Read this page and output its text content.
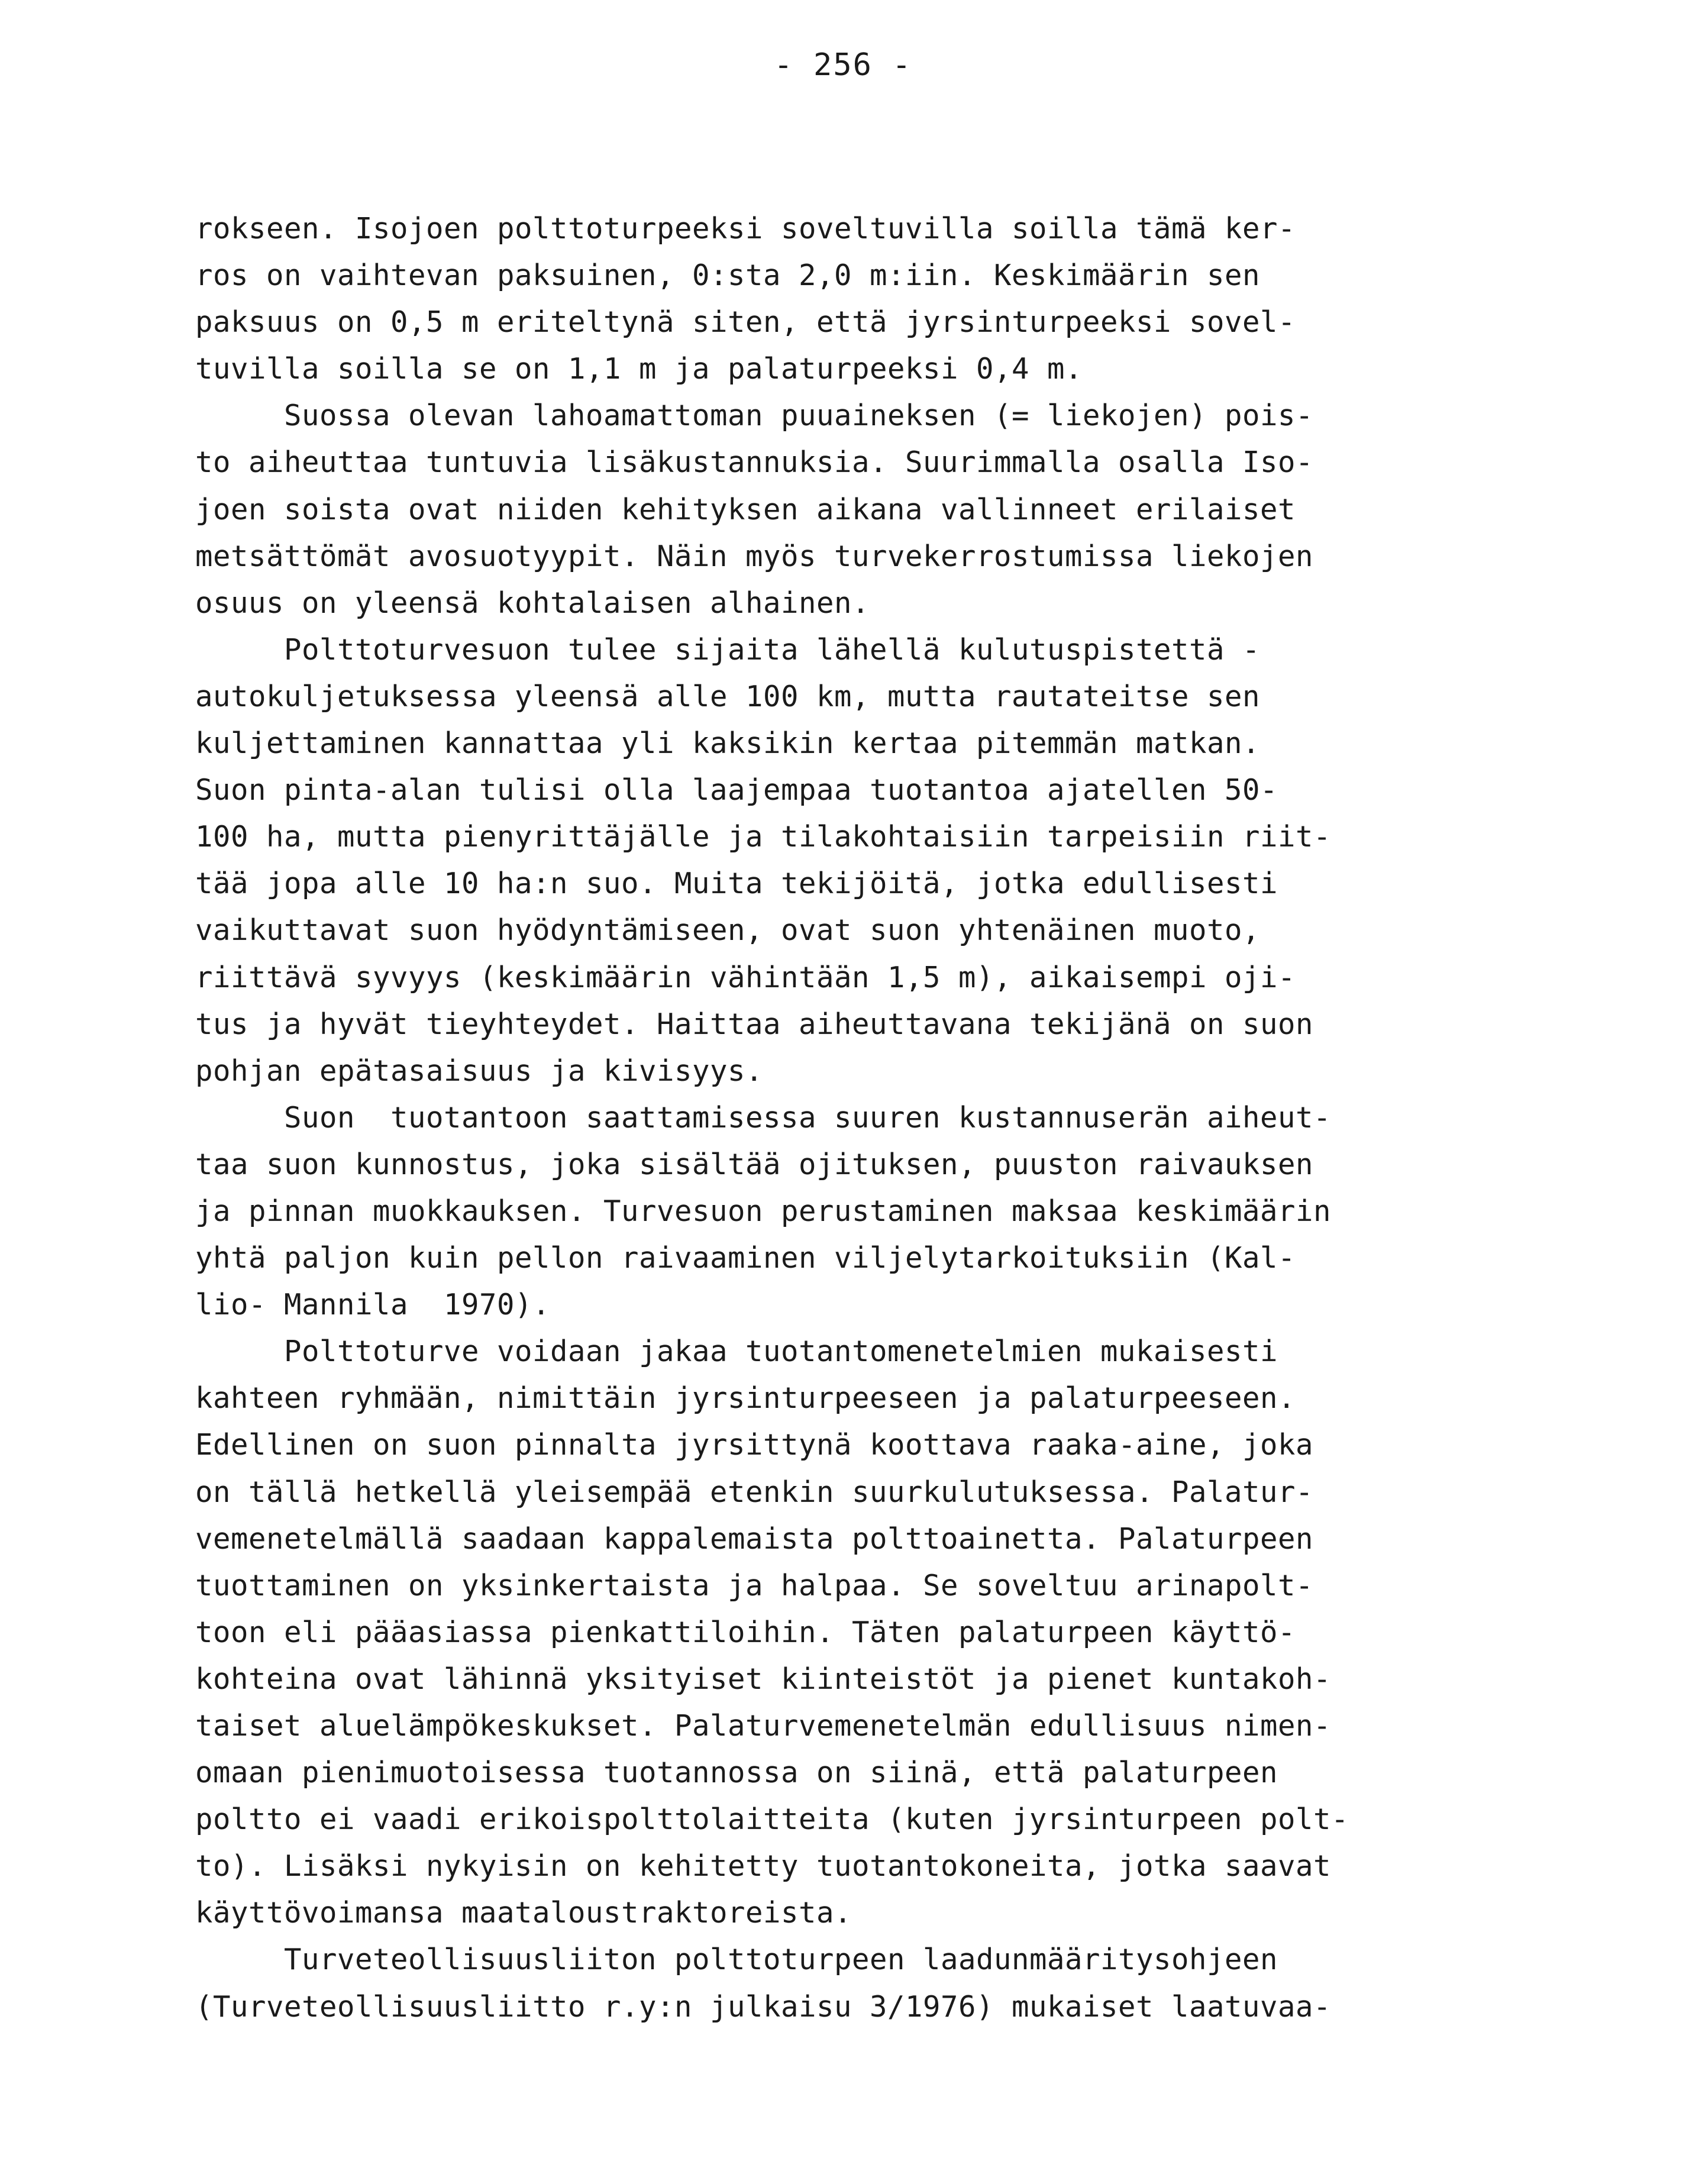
- 256 -
rokseen. Isojoen polttoturpeeksi soveltuvilla soilla tämä ker-
ros on vaihtevan paksuinen, 0:sta 2,0 m:iin. Keskimäärin sen
paksuus on 0,5 m eriteltynä siten, että jyrsinturpeeksi sovel-
tuvilla soilla se on 1,1 m ja palaturpeeksi 0,4 m.
Suossa olevan lahoamattoman puuaineksen (= liekojen) pois-
to aiheuttaa tuntuvia lisäkustannuksia. Suurimmalla osalla Iso-
joen soista ovat niiden kehityksen aikana vallinneet erilaiset
metsättömät avosuotyypit. Näin myös turvekerrostumissa liekojen
osuus on yleensä kohtalaisen alhainen.
Polttoturvesuon tulee sijaita lähellä kulutuspistettä -
autokuljetuksessa yleensä alle 100 km, mutta rautateitse sen
kuljettaminen kannattaa yli kaksikin kertaa pitemmän matkan.
Suon pinta-alan tulisi olla laajempaa tuotantoa ajatellen 50-
100 ha, mutta pienyrittäjälle ja tilakohtaisiin tarpeisiin riit-
tää jopa alle 10 ha:n suo. Muita tekijöitä, jotka edullisesti
vaikuttavat suon hyödyntämiseen, ovat suon yhtenäinen muoto,
riittävä syvyys (keskimäärin vähintään 1,5 m), aikaisempi oji-
tus ja hyvät tieyhteydet. Haittaa aiheuttavana tekijänä on suon
pohjan epätasaisuus ja kivisyys.
Suon  tuotantoon saattamisessa suuren kustannuserän aiheut-
taa suon kunnostus, joka sisältää ojituksen, puuston raivauksen
ja pinnan muokkauksen. Turvesuon perustaminen maksaa keskimäärin
yhtä paljon kuin pellon raivaaminen viljelytarkoituksiin (Kal-
lio- Mannila  1970).
Polttoturve voidaan jakaa tuotantomenetelmien mukaisesti
kahteen ryhmään, nimittäin jyrsinturpeeseen ja palaturpeeseen.
Edellinen on suon pinnalta jyrsittynä koottava raaka-aine, joka
on tällä hetkellä yleisempää etenkin suurkulutuksessa. Palatur-
vemenetelmällä saadaan kappalemaista polttoainetta. Palaturpeen
tuottaminen on yksinkertaista ja halpaa. Se soveltuu arinapolt-
toon eli pääasiassa pienkattiloihin. Täten palaturpeen käyttö-
kohteina ovat lähinnä yksityiset kiinteistöt ja pienet kuntakoh-
taiset aluelämpökeskukset. Palaturvemenetelmän edullisuus nimen-
omaan pienimuotoisessa tuotannossa on siinä, että palaturpeen
poltto ei vaadi erikoispolttolaitteita (kuten jyrsinturpeen polt-
to). Lisäksi nykyisin on kehitetty tuotantokoneita, jotka saavat
käyttövoimansa maataloustraktoreista.
Turveteollisuusliiton polttoturpeen laadunmääritysohjeen
(Turveteollisuusliitto r.y:n julkaisu 3/1976) mukaiset laatuvaa-
